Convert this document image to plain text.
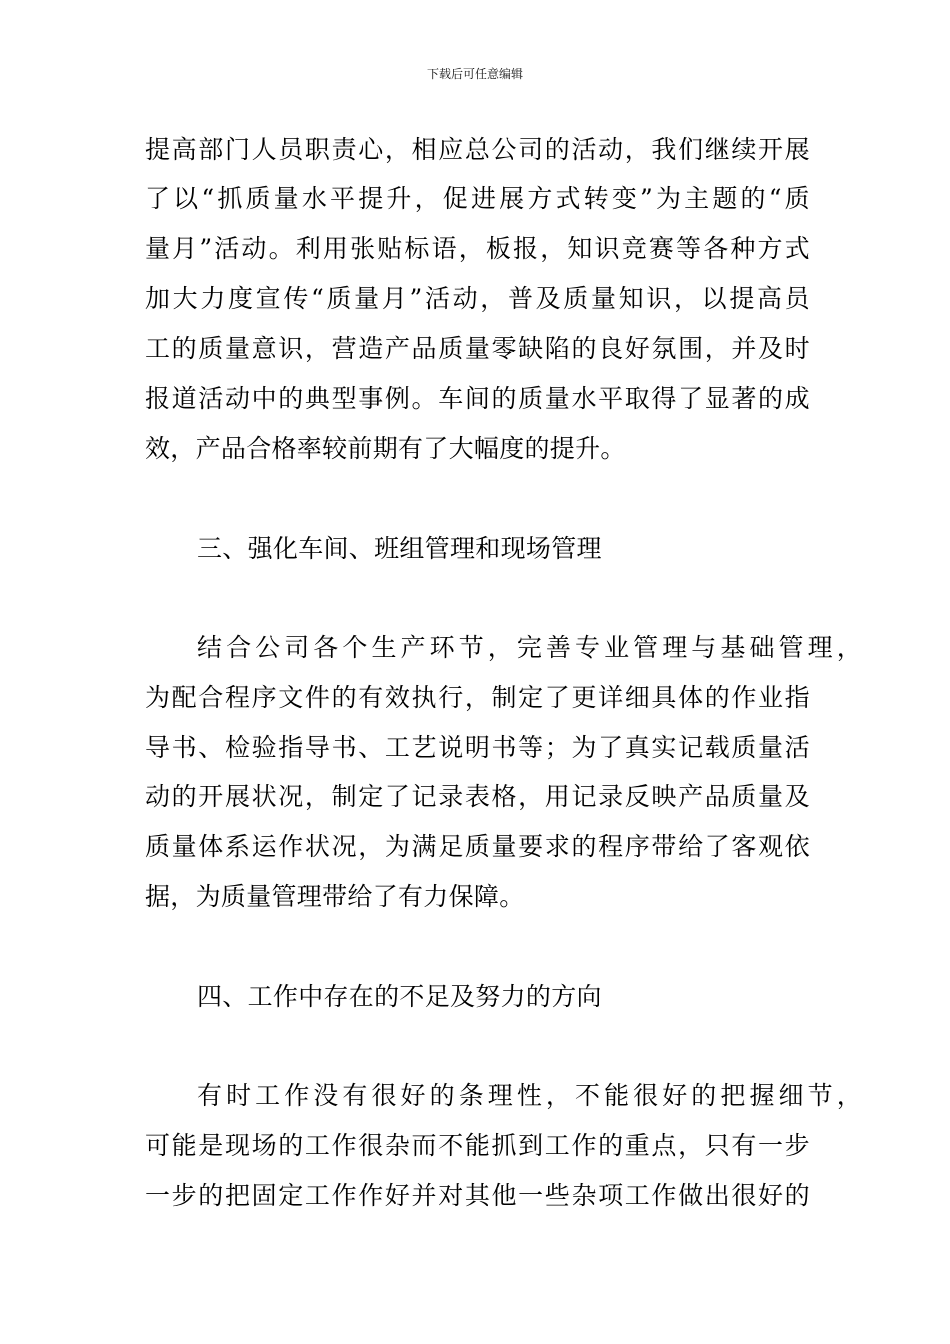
下载后可任意编辑
提高部门人员职责心，相应总公司的活动，我们继续开展
了以“抓质量水平提升，促进展方式转变”为主题的“质
量月”活动。利用张贴标语，板报，知识竞赛等各种方式
加大力度宣传“质量月”活动，普及质量知识，以提高员
工的质量意识，营造产品质量零缺陷的良好氛围，并及时
报道活动中的典型事例。车间的质量水平取得了显著的成
效，产品合格率较前期有了大幅度的提升。
三、强化车间、班组管理和现场管理
结合公司各个生产环节，完善专业管理与基础管理，
为配合程序文件的有效执行，制定了更详细具体的作业指
导书、检验指导书、工艺说明书等；为了真实记载质量活
动的开展状况，制定了记录表格，用记录反映产品质量及
质量体系运作状况，为满足质量要求的程序带给了客观依
据，为质量管理带给了有力保障。
四、工作中存在的不足及努力的方向
有时工作没有很好的条理性，不能很好的把握细节，
可能是现场的工作很杂而不能抓到工作的重点，只有一步
一步的把固定工作作好并对其他一些杂项工作做出很好的
